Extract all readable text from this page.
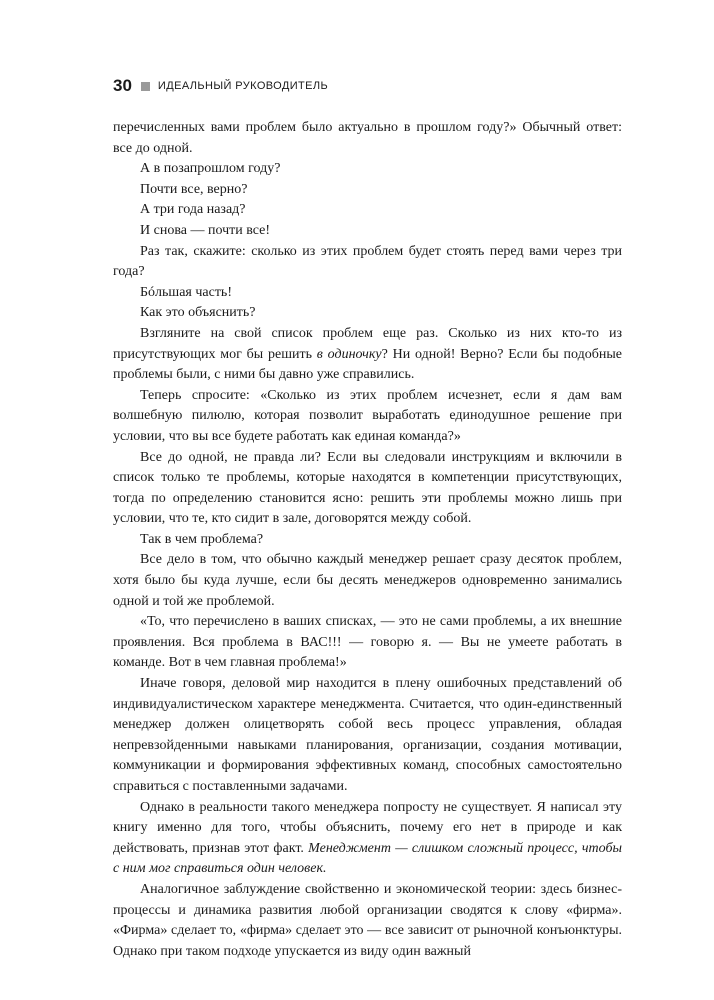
30 ИДЕАЛЬНЫЙ РУКОВОДИТЕЛЬ

перечисленных вами проблем было актуально в прошлом году?» Обычный ответ: все до одной.

А в позапрошлом году?

Почти все, верно?

А три года назад?

И снова — почти все!

Раз так, скажите: сколько из этих проблем будет стоять перед вами через три года?

Бóльшая часть!

Как это объяснить?

Взгляните на свой список проблем еще раз. Сколько из них кто-то из присутствующих мог бы решить в одиночку? Ни одной! Верно? Если бы подобные проблемы были, с ними бы давно уже справились.

Теперь спросите: «Сколько из этих проблем исчезнет, если я дам вам волшебную пилюлю, которая позволит выработать единодушное решение при условии, что вы все будете работать как единая команда?»

Все до одной, не правда ли? Если вы следовали инструкциям и включили в список только те проблемы, которые находятся в компетенции присутствующих, тогда по определению становится ясно: решить эти проблемы можно лишь при условии, что те, кто сидит в зале, договорятся между собой.

Так в чем проблема?

Все дело в том, что обычно каждый менеджер решает сразу десяток проблем, хотя было бы куда лучше, если бы десять менеджеров одновременно занимались одной и той же проблемой.

«То, что перечислено в ваших списках, — это не сами проблемы, а их внешние проявления. Вся проблема в ВАС!!! — говорю я. — Вы не умеете работать в команде. Вот в чем главная проблема!»

Иначе говоря, деловой мир находится в плену ошибочных представлений об индивидуалистическом характере менеджмента. Считается, что один-единственный менеджер должен олицетворять собой весь процесс управления, обладая непревзойденными навыками планирования, организации, создания мотивации, коммуникации и формирования эффективных команд, способных самостоятельно справиться с поставленными задачами.

Однако в реальности такого менеджера попросту не существует. Я написал эту книгу именно для того, чтобы объяснить, почему его нет в природе и как действовать, признав этот факт. Менеджмент — слишком сложный процесс, чтобы с ним мог справиться один человек.

Аналогичное заблуждение свойственно и экономической теории: здесь бизнес-процессы и динамика развития любой организации сводятся к слову «фирма». «Фирма» сделает то, «фирма» сделает это — все зависит от рыночной конъюнктуры. Однако при таком подходе упускается из виду один важный
